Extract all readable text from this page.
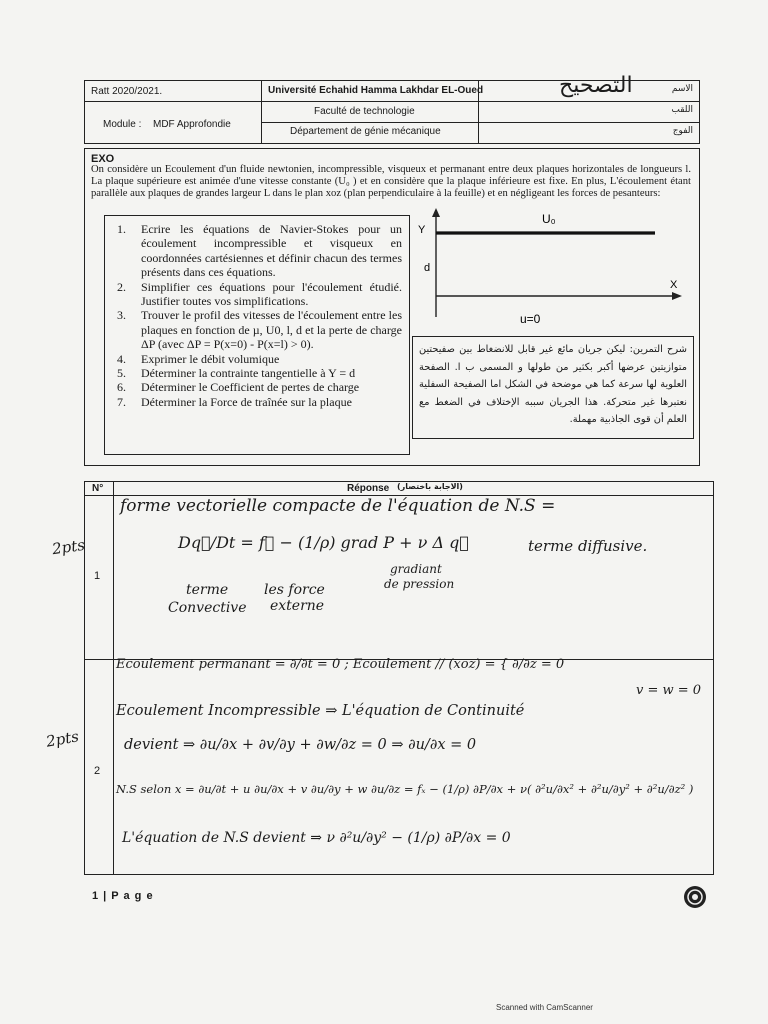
Ratt 2020/2021.
Module : MDF Approfondie
Université Echahid Hamma Lakhdar EL-Oued
Faculté de technologie
Département de génie mécanique
الاسم
اللقب
الفوج
التصحيح
EXO
On considère un Ecoulement d'un fluide newtonien, incompressible, visqueux et permanant entre deux plaques horizontales de longueurs l. La plaque supérieure est animée d'une vitesse constante (U₀ ) et en considère que la plaque inférieure est fixe. En plus, L'écoulement étant parallèle aux plaques de grandes largeur L dans le plan xoz (plan perpendiculaire à la feuille) et en négligeant les forces de pesanteurs:
1. Ecrire les équations de Navier-Stokes pour un écoulement incompressible et visqueux en coordonnées cartésiennes et définir chacun des termes présents dans ces équations.
2. Simplifier ces équations pour l'écoulement étudié. Justifier toutes vos simplifications.
3. Trouver le profil des vitesses de l'écoulement entre les plaques en fonction de µ, U0, l, d et la perte de charge ΔP (avec ΔP = P(x=0) - P(x=l) > 0).
4. Exprimer le débit volumique
5. Déterminer la contrainte tangentielle à Y = d
6. Déterminer le Coefficient de pertes de charge
7. Déterminer la Force de traînée sur la plaque
Y
X
U₀
d
u=0
شرح التمرين: ليكن جريان مائع غير قابل للانضغاط بين صفيحتين متوازيتين عرضها أكبر بكثير من طولها و المسمى ب l. الصفحة العلوية لها سرعة كما هي موضحة في الشكل اما الصفيحة السفلية نعتبرها غير متحركة. هذا الجريان سببه الإختلاف في الضغط مع العلم أن قوى الجاذبية مهملة.
N°	Réponse (الاجابة باختصار)
1
2
2pts
2pts
forme vectorielle compacte de l'équation de N.S =
Dq⃗/Dt = f⃗ − (1/ρ) grad P + ν Δ q⃗	terme diffusive.
gradiant
de pression
terme
Convective
les force
externe
Ecoulement permanant = ∂/∂t = 0 ; Ecoulement // (xoz) = { ∂/∂z = 0
v = w = 0
Ecoulement Incompressible ⇒ L'équation de Continuité
devient ⇒ ∂u/∂x + ∂v/∂y + ∂w/∂z = 0 ⇒ ∂u/∂x = 0
N.S selon x = ∂u/∂t + u ∂u/∂x + v ∂u/∂y + w ∂u/∂z = fₓ − (1/ρ) ∂P/∂x + ν( ∂²u/∂x² + ∂²u/∂y² + ∂²u/∂z² )
L'équation de N.S devient ⇒ ν ∂²u/∂y² − (1/ρ) ∂P/∂x = 0
1 | P a g e
Scanned with CamScanner
